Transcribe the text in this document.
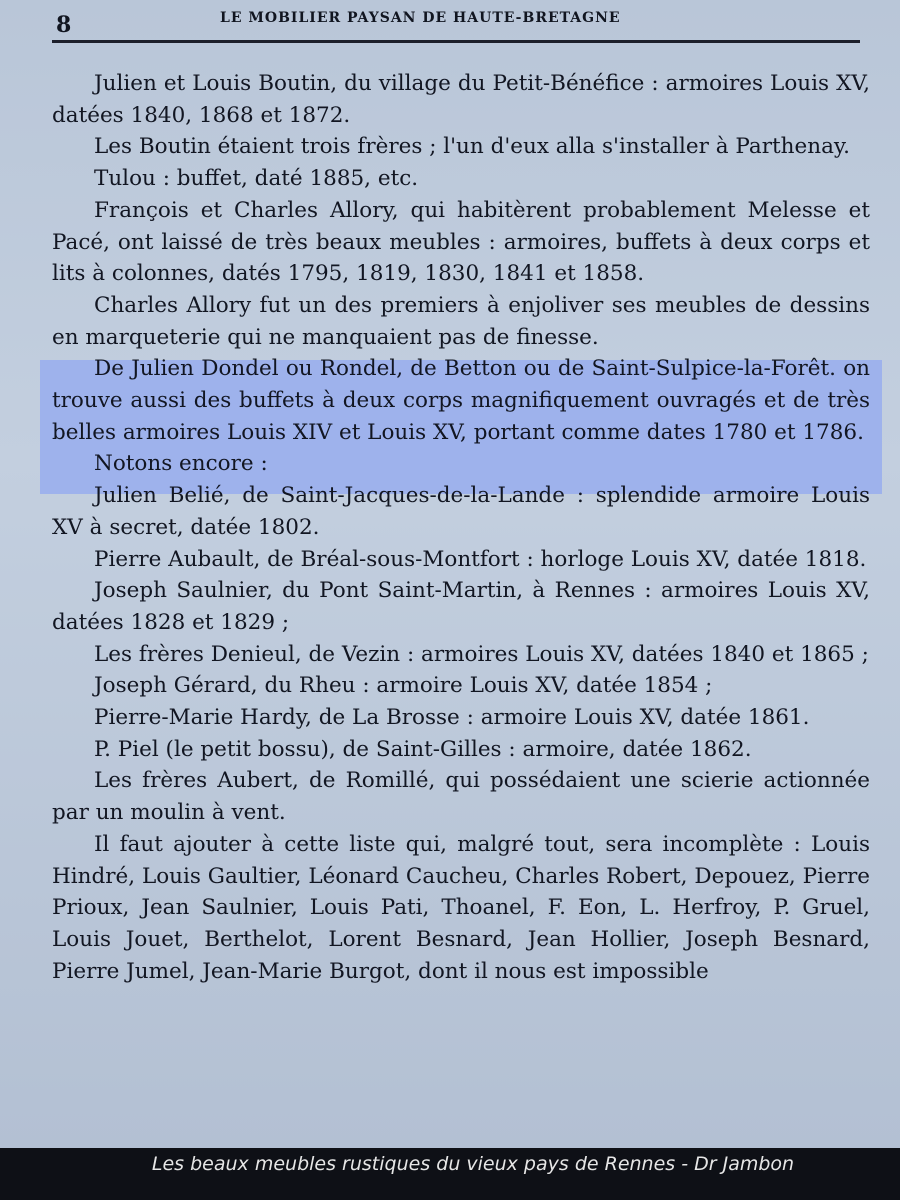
8	LE MOBILIER PAYSAN DE HAUTE-BRETAGNE

Julien et Louis Boutin, du village du Petit-Bénéfice : armoires Louis XV, datées 1840, 1868 et 1872.

Les Boutin étaient trois frères ; l'un d'eux alla s'installer à Parthenay.

Tulou : buffet, daté 1885, etc.

François et Charles Allory, qui habitèrent probablement Melesse et Pacé, ont laissé de très beaux meubles : armoires, buffets à deux corps et lits à colonnes, datés 1795, 1819, 1830, 1841 et 1858.

Charles Allory fut un des premiers à enjoliver ses meubles de dessins en marqueterie qui ne manquaient pas de finesse.

De Julien Dondel ou Rondel, de Betton ou de Saint-Sulpice-la-Forêt. on trouve aussi des buffets à deux corps magnifiquement ouvragés et de très belles armoires Louis XIV et Louis XV, portant comme dates 1780 et 1786.

Notons encore :

Julien Belié, de Saint-Jacques-de-la-Lande : splendide armoire Louis XV à secret, datée 1802.

Pierre Aubault, de Bréal-sous-Montfort : horloge Louis XV, datée 1818.

Joseph Saulnier, du Pont Saint-Martin, à Rennes : armoires Louis XV, datées 1828 et 1829 ;

Les frères Denieul, de Vezin : armoires Louis XV, datées 1840 et 1865 ;

Joseph Gérard, du Rheu : armoire Louis XV, datée 1854 ;

Pierre-Marie Hardy, de La Brosse : armoire Louis XV, datée 1861.

P. Piel (le petit bossu), de Saint-Gilles : armoire, datée 1862.

Les frères Aubert, de Romillé, qui possédaient une scierie actionnée par un moulin à vent.

Il faut ajouter à cette liste qui, malgré tout, sera incomplète : Louis Hindré, Louis Gaultier, Léonard Caucheu, Charles Robert, Depouez, Pierre Prioux, Jean Saulnier, Louis Pati, Thoanel, F. Eon, L. Herfroy, P. Gruel, Louis Jouet, Berthelot, Lorent Besnard, Jean Hollier, Joseph Besnard, Pierre Jumel, Jean-Marie Burgot, dont il nous est impossible

Les beaux meubles rustiques du vieux pays de Rennes - Dr Jambon
